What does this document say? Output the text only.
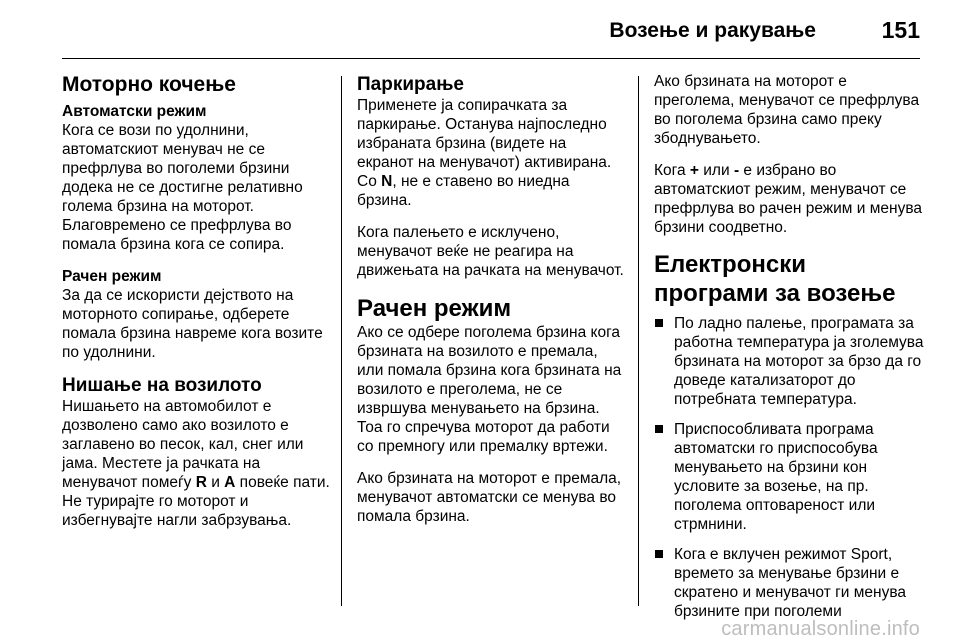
Возење и ракување	151
Моторно кочење
Автоматски режим

Кога се вози по удолнини, автоматскиот менувач не се префрлува во поголеми брзини додека не се достигне релативно голема брзина на моторот. Благовремено се префрлува во помала брзина кога се сопира.

Рачен режим

За да се искористи дејството на моторното сопирање, одберете помала брзина навреме кога возите по удолнини.

Нишање на возилото

Нишањето на автомобилот е дозволено само ако возилото е заглавено во песок, кал, снег или јама. Местете ја рачката на менувачот помеѓу R и A повеќе пати. Не турирајте го моторот и избегнувајте нагли забрзувања.

Паркирање

Применете ја сопирачката за паркирање. Останува најпоследно избраната брзина (видете на екранот на менувачот) активирана. Со N, не е ставено во ниедна брзина.

Кога палењето е исклучено, менувачот веќе не реагира на движењата на рачката на менувачот.

Рачен режим

Ако се одбере поголема брзина кога брзината на возилото е премала, или помала брзина кога брзината на возилото е преголема, не се извршува менувањето на брзина. Тоа го спречува моторот да работи со премногу или премалку вртежи.

Ако брзината на моторот е премала, менувачот автоматски се менува во помала брзина.

Ако брзината на моторот е преголема, менувачот се префрлува во поголема брзина само преку збоднувањето.

Кога + или - е избрано во автоматскиот режим, менувачот се префрлува во рачен режим и менува брзини соодветно.

Електронски програми за возење
По ладно палење, програмата за работна температура ја зголемува брзината на моторот за брзо да го доведе катализаторот до потребната температура.
Приспособливата програма автоматски го приспособува менувањето на брзини кон условите за возење, на пр. поголема оптовареност или стрмнини.
Кога е вклучен режимот Sport, времето за менување брзини е скратено и менувачот ги менува брзините при поголеми
carmanualsonline.info
